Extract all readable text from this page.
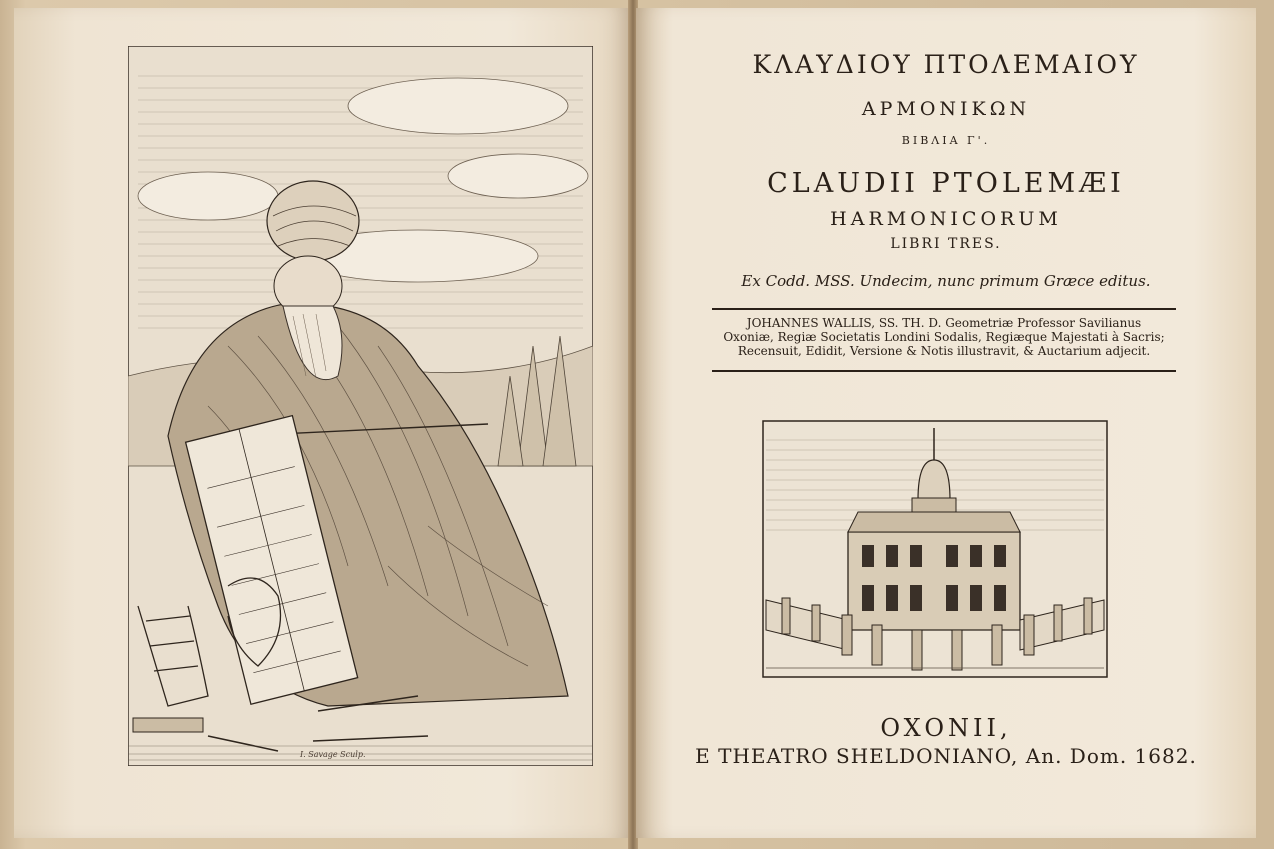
I. Savage Sculp.
ΚΛΑΥΔΙΟΥ ΠΤΟΛΕΜΑΙΟΥ
ΑΡΜΟΝΙΚΩΝ
ΒΙΒΛΙΑ Γ'.
CLAUDII PTOLEMÆI
HARMONICORUM
LIBRI TRES.
Ex Codd. MSS. Undecim, nunc primum Græce editus.
JOHANNES WALLIS, SS. TH. D. Geometriæ Professor Savilianus
Oxoniæ, Regiæ Societatis Londini Sodalis, Regiæque Majestati à Sacris;
Recensuit, Edidit, Versione & Notis illustravit, & Auctarium adjecit.
OXONII,
E THEATRO SHELDONIANO, An. Dom. 1682.
